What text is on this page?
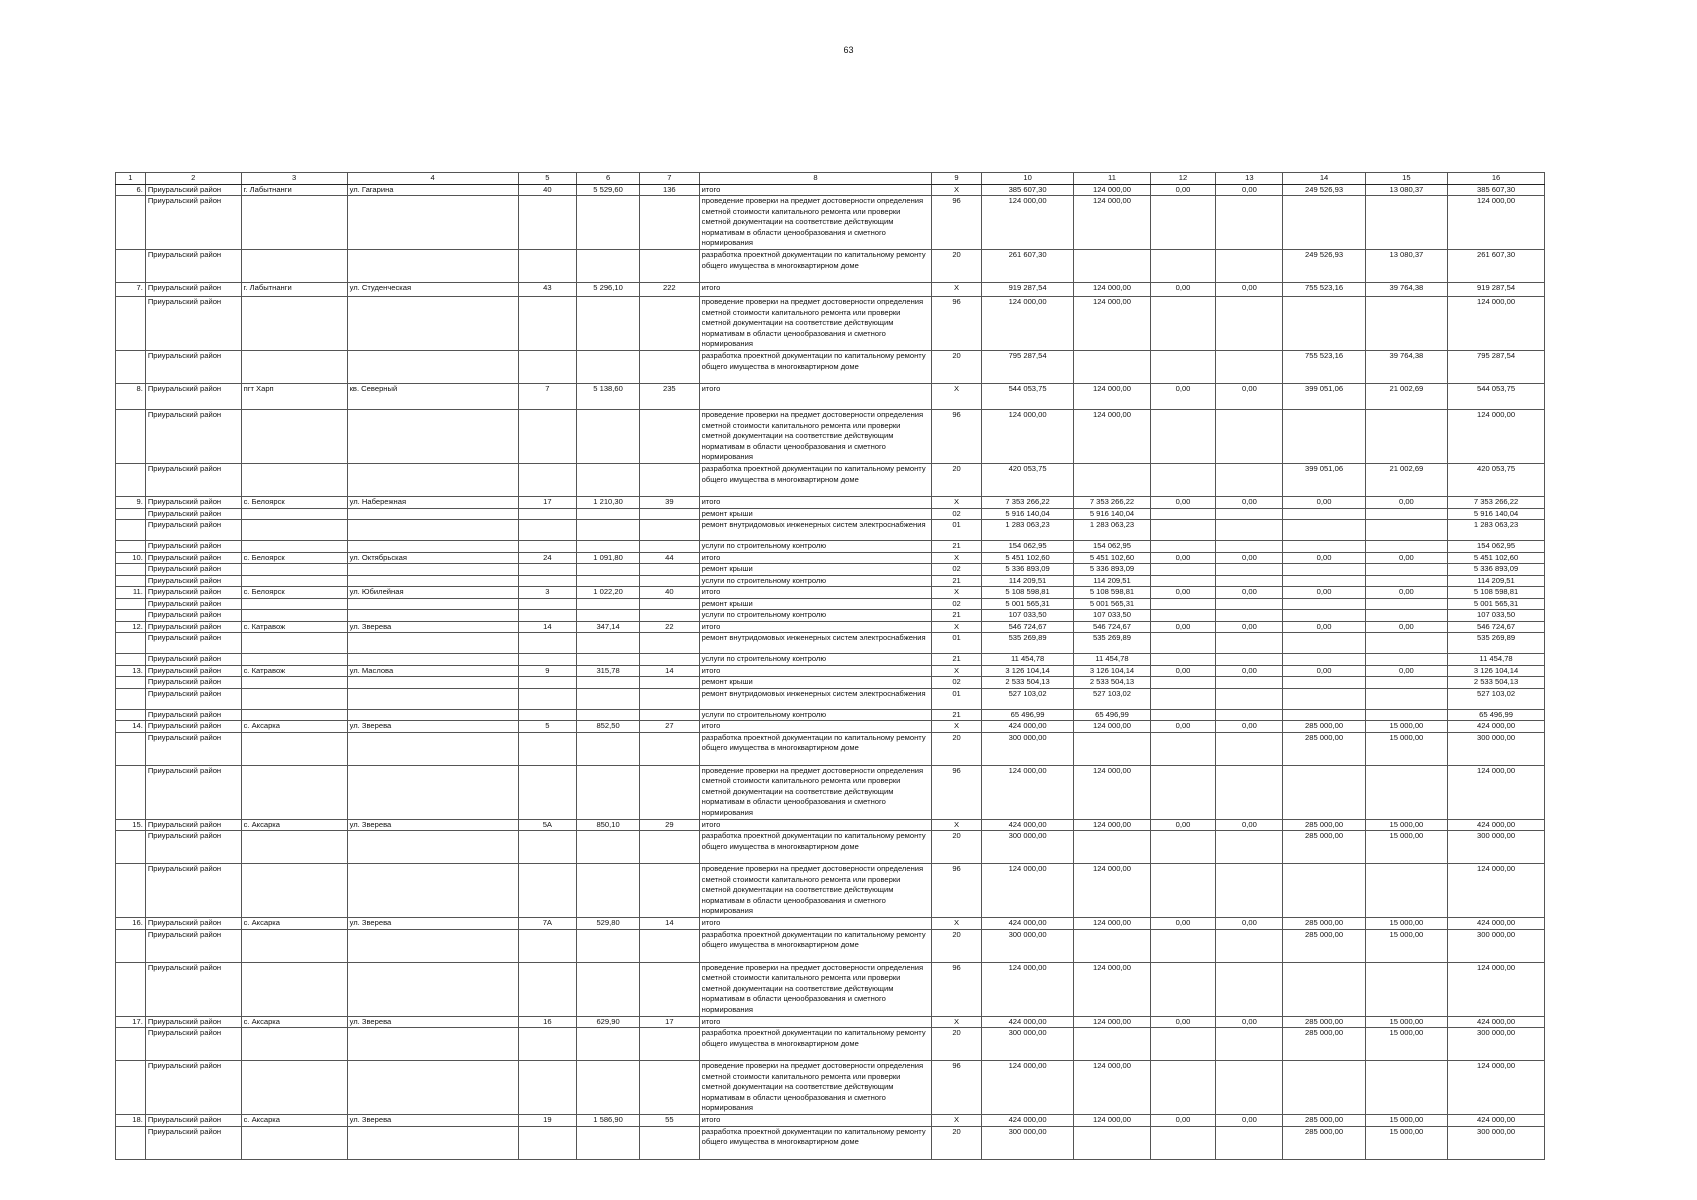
63
1	2	3	4	5	6	7	8	9	10	11	12	13	14	15	16
6.	Приуральский район	г. Лабытнанги	ул. Гагарина	40	5 529,60	136	итого	X	385 607,30	124 000,00	0,00	0,00	249 526,93	13 080,37	385 607,30
	Приуральский район						проведение проверки на предмет достоверности определения сметной стоимости капитального ремонта или проверки сметной документации на соответствие действующим нормативам в области ценообразования и сметного нормирования	96	124 000,00	124 000,00					124 000,00
	Приуральский район						разработка проектной документации по капитальному ремонту общего имущества в многоквартирном доме	20	261 607,30				249 526,93	13 080,37	261 607,30
7.	Приуральский район	г. Лабытнанги	ул. Студенческая	43	5 296,10	222	итого	X	919 287,54	124 000,00	0,00	0,00	755 523,16	39 764,38	919 287,54
	Приуральский район						проведение проверки на предмет достоверности определения сметной стоимости капитального ремонта или проверки сметной документации на соответствие действующим нормативам в области ценообразования и сметного нормирования	96	124 000,00	124 000,00					124 000,00
	Приуральский район						разработка проектной документации по капитальному ремонту общего имущества в многоквартирном доме	20	795 287,54				755 523,16	39 764,38	795 287,54
8.	Приуральский район	пгт Харп	кв. Северный	7	5 138,60	235	итого	X	544 053,75	124 000,00	0,00	0,00	399 051,06	21 002,69	544 053,75
	Приуральский район						проведение проверки на предмет достоверности определения сметной стоимости капитального ремонта или проверки сметной документации на соответствие действующим нормативам в области ценообразования и сметного нормирования	96	124 000,00	124 000,00					124 000,00
	Приуральский район						разработка проектной документации по капитальному ремонту общего имущества в многоквартирном доме	20	420 053,75				399 051,06	21 002,69	420 053,75
9.	Приуральский район	с. Белоярск	ул. Набережная	17	1 210,30	39	итого	X	7 353 266,22	7 353 266,22	0,00	0,00	0,00	0,00	7 353 266,22
	Приуральский район						ремонт крыши	02	5 916 140,04	5 916 140,04					5 916 140,04
	Приуральский район						ремонт внутридомовых инженерных систем электроснабжения	01	1 283 063,23	1 283 063,23					1 283 063,23
	Приуральский район						услуги по строительному контролю	21	154 062,95	154 062,95					154 062,95
10.	Приуральский район	с. Белоярск	ул. Октябрьская	24	1 091,80	44	итого	X	5 451 102,60	5 451 102,60	0,00	0,00	0,00	0,00	5 451 102,60
	Приуральский район						ремонт крыши	02	5 336 893,09	5 336 893,09					5 336 893,09
	Приуральский район						услуги по строительному контролю	21	114 209,51	114 209,51					114 209,51
11.	Приуральский район	с. Белоярск	ул. Юбилейная	3	1 022,20	40	итого	X	5 108 598,81	5 108 598,81	0,00	0,00	0,00	0,00	5 108 598,81
	Приуральский район						ремонт крыши	02	5 001 565,31	5 001 565,31					5 001 565,31
	Приуральский район						услуги по строительному контролю	21	107 033,50	107 033,50					107 033,50
12.	Приуральский район	с. Катравож	ул. Зверева	14	347,14	22	итого	X	546 724,67	546 724,67	0,00	0,00	0,00	0,00	546 724,67
	Приуральский район						ремонт внутридомовых инженерных систем электроснабжения	01	535 269,89	535 269,89					535 269,89
	Приуральский район						услуги по строительному контролю	21	11 454,78	11 454,78					11 454,78
13.	Приуральский район	с. Катравож	ул. Маслова	9	315,78	14	итого	X	3 126 104,14	3 126 104,14	0,00	0,00	0,00	0,00	3 126 104,14
	Приуральский район						ремонт крыши	02	2 533 504,13	2 533 504,13					2 533 504,13
	Приуральский район						ремонт внутридомовых инженерных систем электроснабжения	01	527 103,02	527 103,02					527 103,02
	Приуральский район						услуги по строительному контролю	21	65 496,99	65 496,99					65 496,99
14.	Приуральский район	с. Аксарка	ул. Зверева	5	852,50	27	итого	X	424 000,00	124 000,00	0,00	0,00	285 000,00	15 000,00	424 000,00
	Приуральский район						разработка проектной документации по капитальному ремонту общего имущества в многоквартирном доме	20	300 000,00				285 000,00	15 000,00	300 000,00
	Приуральский район						проведение проверки на предмет достоверности определения сметной стоимости капитального ремонта или проверки сметной документации на соответствие действующим нормативам в области ценообразования и сметного нормирования	96	124 000,00	124 000,00					124 000,00
15.	Приуральский район	с. Аксарка	ул. Зверева	5А	850,10	29	итого	X	424 000,00	124 000,00	0,00	0,00	285 000,00	15 000,00	424 000,00
	Приуральский район						разработка проектной документации по капитальному ремонту общего имущества в многоквартирном доме	20	300 000,00				285 000,00	15 000,00	300 000,00
	Приуральский район						проведение проверки на предмет достоверности определения сметной стоимости капитального ремонта или проверки сметной документации на соответствие действующим нормативам в области ценообразования и сметного нормирования	96	124 000,00	124 000,00					124 000,00
16.	Приуральский район	с. Аксарка	ул. Зверева	7А	529,80	14	итого	X	424 000,00	124 000,00	0,00	0,00	285 000,00	15 000,00	424 000,00
	Приуральский район						разработка проектной документации по капитальному ремонту общего имущества в многоквартирном доме	20	300 000,00				285 000,00	15 000,00	300 000,00
	Приуральский район						проведение проверки на предмет достоверности определения сметной стоимости капитального ремонта или проверки сметной документации на соответствие действующим нормативам в области ценообразования и сметного нормирования	96	124 000,00	124 000,00					124 000,00
17.	Приуральский район	с. Аксарка	ул. Зверева	16	629,90	17	итого	X	424 000,00	124 000,00	0,00	0,00	285 000,00	15 000,00	424 000,00
	Приуральский район						разработка проектной документации по капитальному ремонту общего имущества в многоквартирном доме	20	300 000,00				285 000,00	15 000,00	300 000,00
	Приуральский район						проведение проверки на предмет достоверности определения сметной стоимости капитального ремонта или проверки сметной документации на соответствие действующим нормативам в области ценообразования и сметного нормирования	96	124 000,00	124 000,00					124 000,00
18.	Приуральский район	с. Аксарка	ул. Зверева	19	1 586,90	55	итого	X	424 000,00	124 000,00	0,00	0,00	285 000,00	15 000,00	424 000,00
	Приуральский район						разработка проектной документации по капитальному ремонту общего имущества в многоквартирном доме	20	300 000,00				285 000,00	15 000,00	300 000,00
